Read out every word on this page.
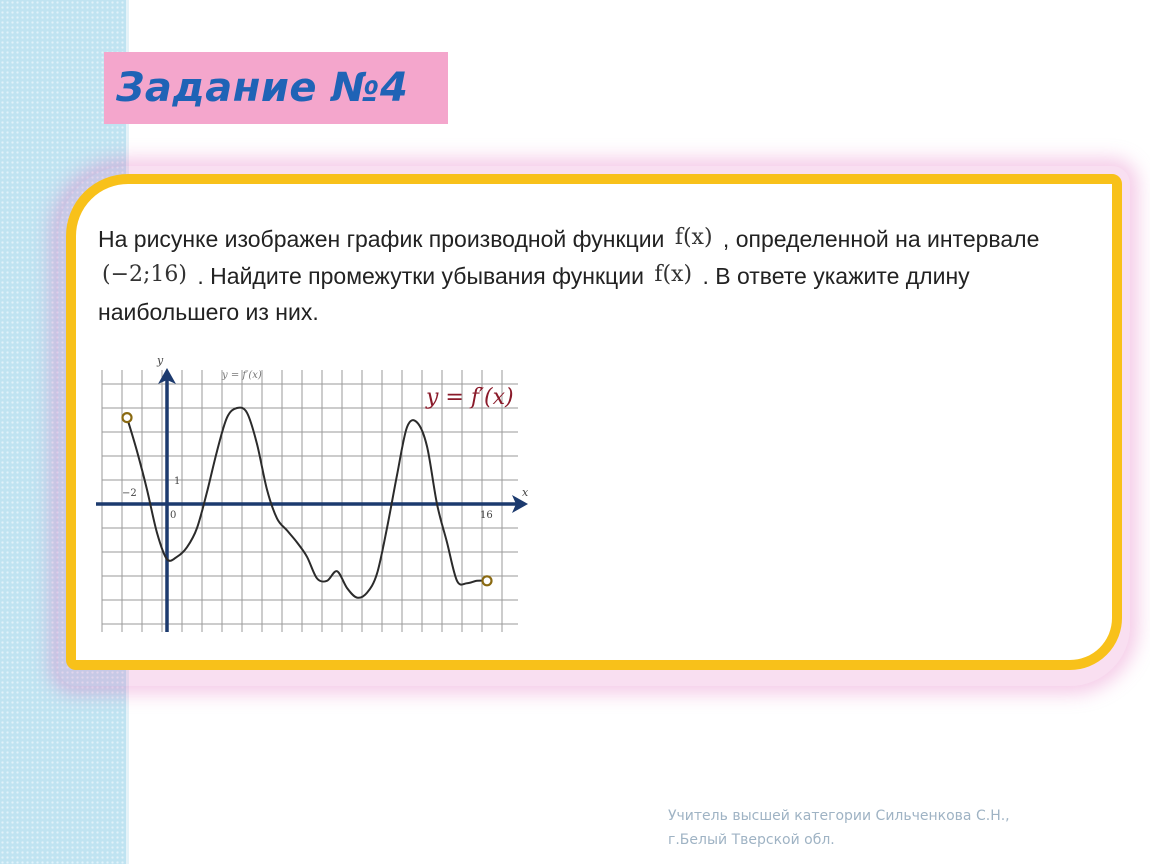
Задание №4

На рисунке изображен график производной функции f(x) , определенной на интервале (−2;16) . Найдите промежутки убывания функции f(x) . В ответе укажите длину наибольшего из них.

x
y
y = f′(x)
y = f′(x)
−2
0	16
1
Учитель высшей категории Сильченкова С.Н.,
г.Белый Тверской обл.
